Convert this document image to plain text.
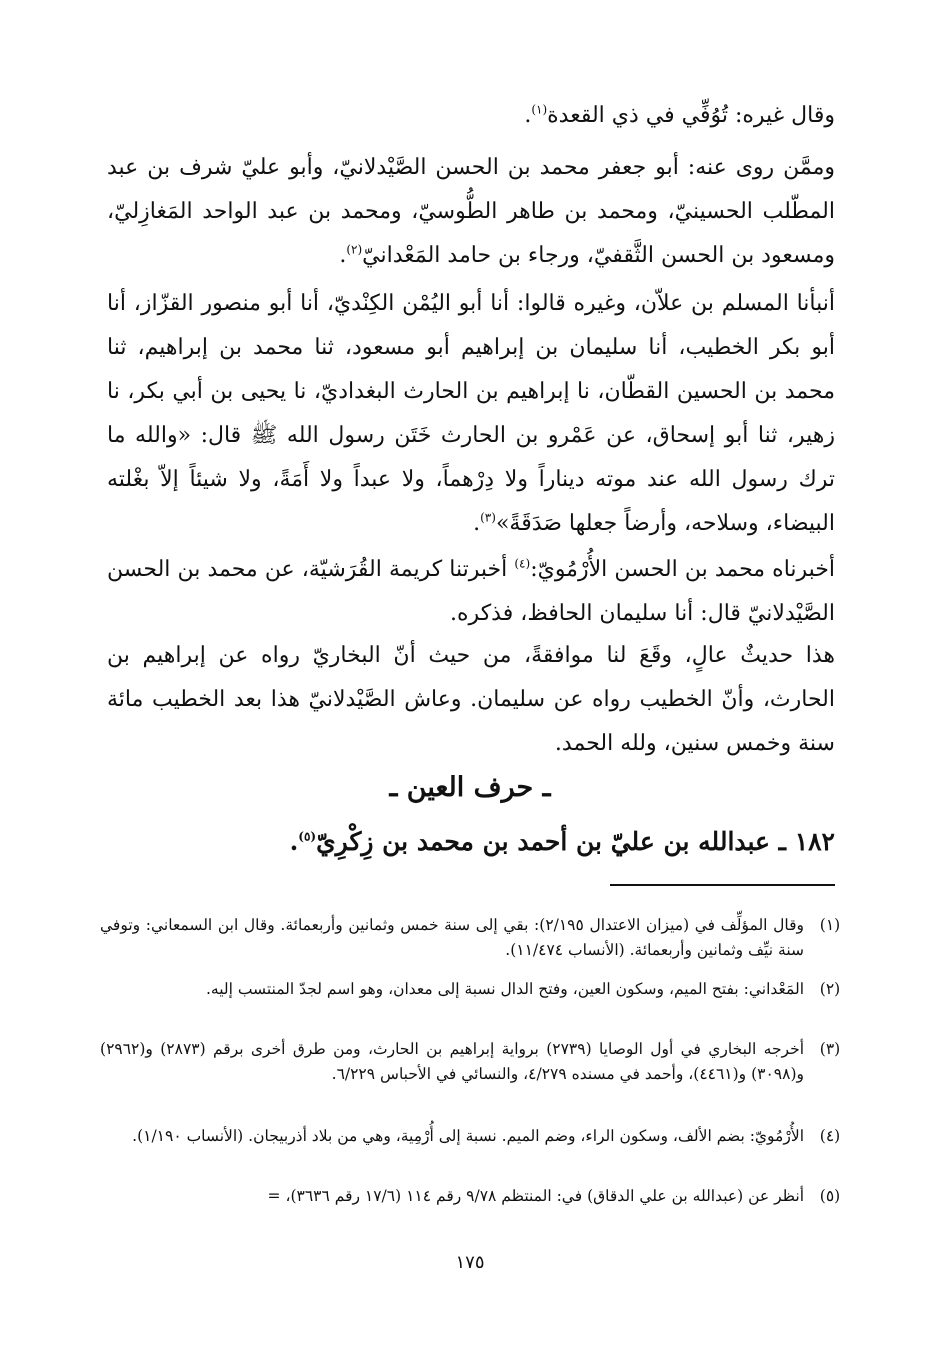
وقال غيره: تُوُفِّي في ذي القعدة$^{(١)}$.

وممَّن روى عنه: أبو جعفر محمد بن الحسن الصَّيْدلانيّ، وأبو عليّ شرف بن عبد المطّلب الحسينيّ، ومحمد بن طاهر الطُّوسيّ، ومحمد بن عبد الواحد المَغازِليّ، ومسعود بن الحسن الثَّقفيّ، ورجاء بن حامد المَعْدانيّ$^{(٢)}$.

أنبأنا المسلم بن علاّن، وغيره قالوا: أنا أبو اليُمْن الكِنْديّ، أنا أبو منصور القزّاز، أنا أبو بكر الخطيب، أنا سليمان بن إبراهيم أبو مسعود، ثنا محمد بن إبراهيم، ثنا محمد بن الحسين القطّان، نا إبراهيم بن الحارث البغداديّ، نا يحيى بن أبي بكر، نا زهير، ثنا أبو إسحاق، عن عَمْرو بن الحارث خَتَن رسول الله ﷺ قال: «والله ما ترك رسول الله عند موته ديناراً ولا دِرْهماً، ولا عبداً ولا أَمَةً، ولا شيئاً إلاّ بغْلته البيضاء، وسلاحه، وأرضاً جعلها صَدَقَةً»$^{(٣)}$.

أخبرناه محمد بن الحسن الأُرْمُويّ:$^{(٤)}$ أخبرتنا كريمة القُرَشيّة، عن محمد بن الحسن الصَّيْدلانيّ قال: أنا سليمان الحافظ، فذكره.

هذا حديثٌ عالٍ، وقَعَ لنا موافقةً، من حيث أنّ البخاريّ رواه عن إبراهيم بن الحارث، وأنّ الخطيب رواه عن سليمان. وعاش الصَّيْدلانيّ هذا بعد الخطيب مائة سنة وخمس سنين، ولله الحمد.

ـ حرف العين ـ

١٨٢ ـ عبدالله بن عليّ بن أحمد بن محمد بن زِكْرِيّ$^{(٥)}$.

(١)
وقال المؤلِّف في (ميزان الاعتدال ٢/١٩٥): بقي إلى سنة خمس وثمانين وأربعمائة. وقال ابن السمعاني: وتوفي سنة نيِّف وثمانين وأربعمائة. (الأنساب ١١/٤٧٤).
(٢)
المَعْداني: بفتح الميم، وسكون العين، وفتح الدال نسبة إلى معدان، وهو اسم لجدّ المنتسب إليه.
(٣)
أخرجه البخاري في أول الوصايا (٢٧٣٩) برواية إبراهيم بن الحارث، ومن طرق أخرى برقم (٢٨٧٣) و(٢٩٦٢) و(٣٠٩٨) و(٤٤٦١)، وأحمد في مسنده ٤/٢٧٩، والنسائي في الأحباس ٦/٢٢٩.
(٤)
الأُرْمُويّ: بضم الألف، وسكون الراء، وضم الميم. نسبة إلى أُرْمِية، وهي من بلاد أذربيجان. (الأنساب ١/١٩٠).
(٥)
أنظر عن (عبدالله بن علي الدقاق) في: المنتظم ٩/٧٨ رقم ١١٤ (١٧/٦ رقم ٣٦٣٦)، =
١٧٥
